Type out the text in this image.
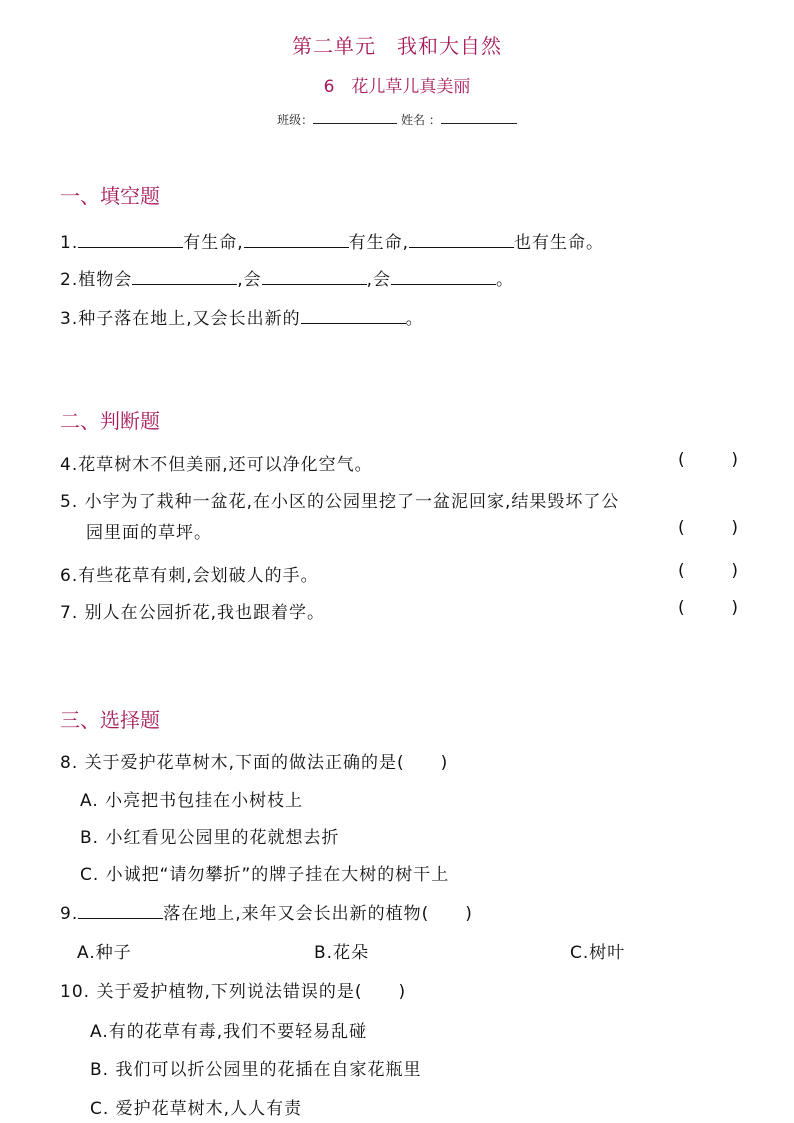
第二单元　我和大自然
6　花儿草儿真美丽
班级：	姓名 ：
一、填空题
1.	有生命,	有生命,	也有生命。
2.植物会	,会	,会	。
3.种子落在地上,又会长出新的	。
二、判断题
4.花草树木不但美丽,还可以净化空气。	(	)
5. 小宇为了栽种一盆花,在小区的公园里挖了一盆泥回家,结果毁坏了公
园里面的草坪。	(	)
6.有些花草有刺,会划破人的手。	(	)
7. 别人在公园折花,我也跟着学。	(	)
三、选择题
8. 关于爱护花草树木,下面的做法正确的是(　　)
A. 小亮把书包挂在小树枝上
B. 小红看见公园里的花就想去折
C. 小诚把“请勿攀折”的牌子挂在大树的树干上
9.	落在地上,来年又会长出新的植物(　　)
A.种子	B.花朵	C.树叶
10. 关于爱护植物,下列说法错误的是(　　)
A.有的花草有毒,我们不要轻易乱碰
B. 我们可以折公园里的花插在自家花瓶里
C. 爱护花草树木,人人有责
